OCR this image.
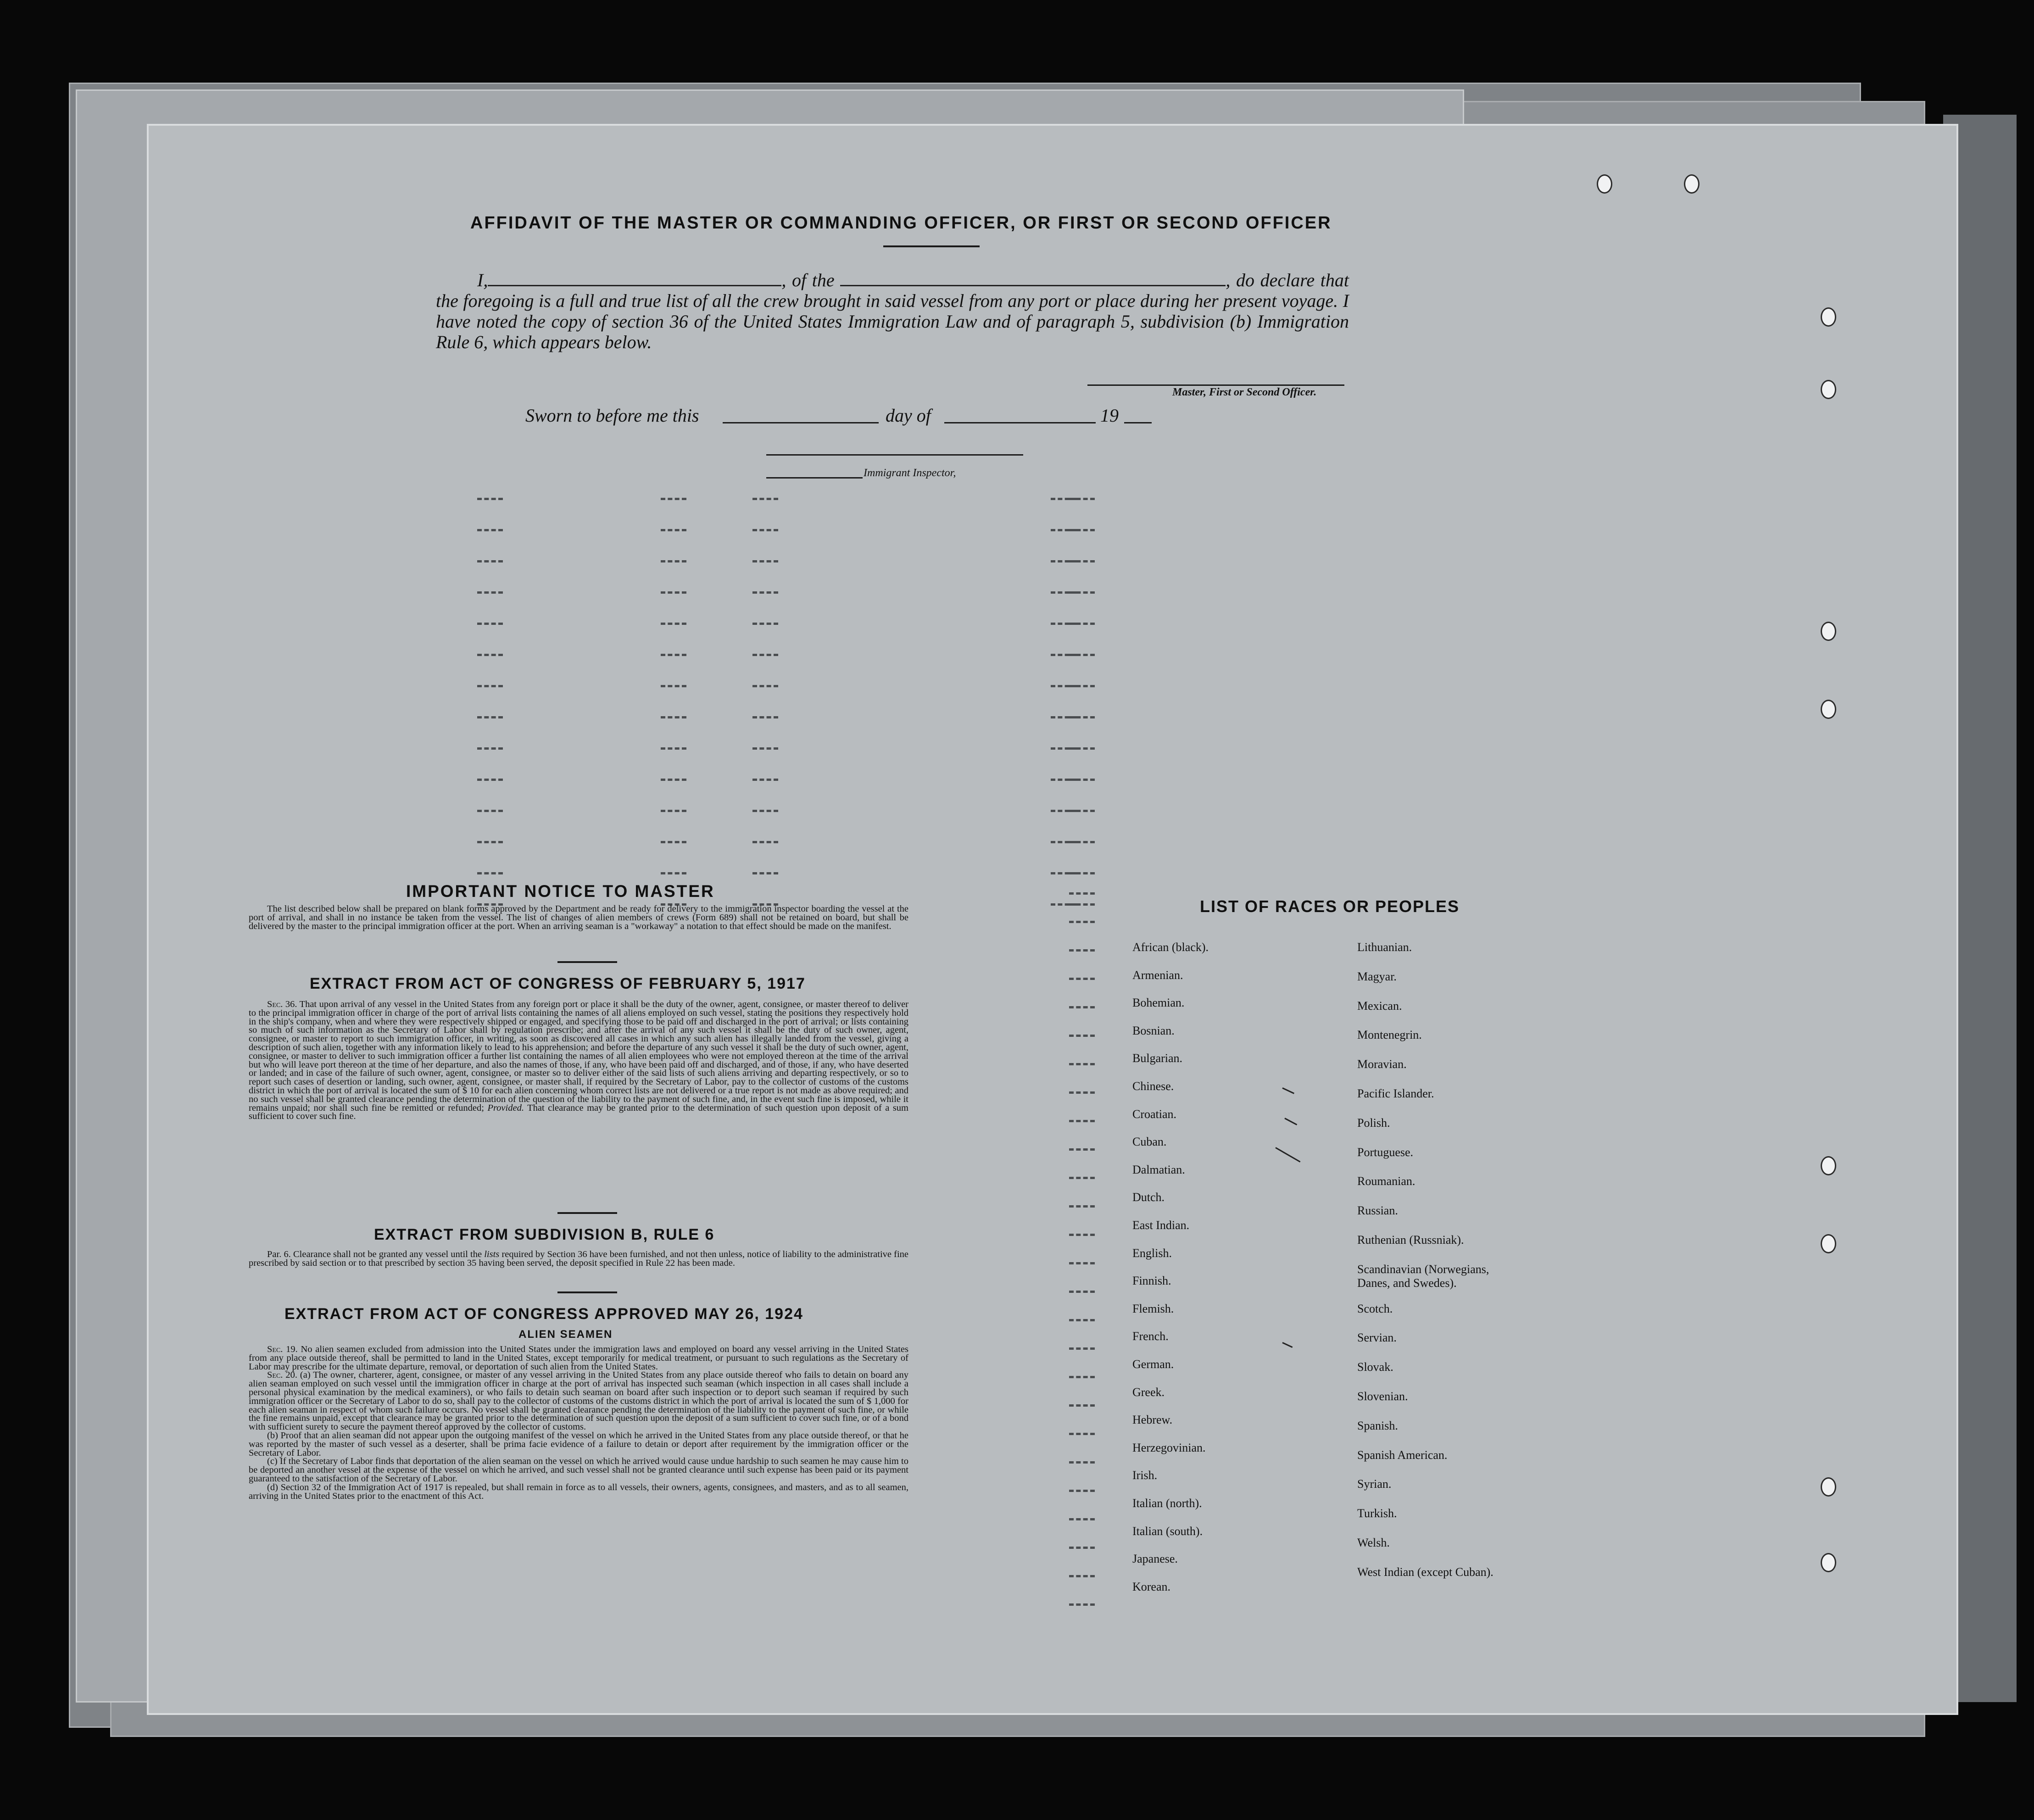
AFFIDAVIT OF THE MASTER OR COMMANDING OFFICER, OR FIRST OR SECOND OFFICER
I,	, of the	, do declare that the foregoing is a full and true list of all the crew brought in said vessel from any port or place during her present voyage. I have noted the copy of section 36 of the United States Immigration Law and of paragraph 5, subdivision (b) Immigration Rule 6, which appears below.
Master, First or Second Officer.
Sworn to before me this	day of	19
Immigrant Inspector,
IMPORTANT NOTICE TO MASTER

The list described below shall be prepared on blank forms approved by the Department and be ready for delivery to the immigration inspector boarding the vessel at the port of arrival, and shall in no instance be taken from the vessel. The list of changes of alien members of crews (Form 689) shall not be retained on board, but shall be delivered by the master to the principal immigration officer at the port. When an arriving seaman is a "workaway" a notation to that effect should be made on the manifest.

EXTRACT FROM ACT OF CONGRESS OF FEBRUARY 5, 1917

Sec. 36. That upon arrival of any vessel in the United States from any foreign port or place it shall be the duty of the owner, agent, consignee, or master thereof to deliver to the principal immigration officer in charge of the port of arrival lists containing the names of all aliens employed on such vessel, stating the positions they respectively hold in the ship's company, when and where they were respectively shipped or engaged, and specifying those to be paid off and discharged in the port of arrival; or lists containing so much of such information as the Secretary of Labor shall by regulation prescribe; and after the arrival of any such vessel it shall be the duty of such owner, agent, consignee, or master to report to such immigration officer, in writing, as soon as discovered all cases in which any such alien has illegally landed from the vessel, giving a description of such alien, together with any information likely to lead to his apprehension; and before the departure of any such vessel it shall be the duty of such owner, agent, consignee, or master to deliver to such immigration officer a further list containing the names of all alien employees who were not employed thereon at the time of the arrival but who will leave port thereon at the time of her departure, and also the names of those, if any, who have been paid off and discharged, and of those, if any, who have deserted or landed; and in case of the failure of such owner, agent, consignee, or master so to deliver either of the said lists of such aliens arriving and departing respectively, or so to report such cases of desertion or landing, such owner, agent, consignee, or master shall, if required by the Secretary of Labor, pay to the collector of customs of the customs district in which the port of arrival is located the sum of $ 10 for each alien concerning whom correct lists are not delivered or a true report is not made as above required; and no such vessel shall be granted clearance pending the determination of the question of the liability to the payment of such fine, and, in the event such fine is imposed, while it remains unpaid; nor shall such fine be remitted or refunded; Provided. That clearance may be granted prior to the determination of such question upon deposit of a sum sufficient to cover such fine.

EXTRACT FROM SUBDIVISION B, RULE 6

Par. 6. Clearance shall not be granted any vessel until the lists required by Section 36 have been furnished, and not then unless, notice of liability to the administrative fine prescribed by said section or to that prescribed by section 35 having been served, the deposit specified in Rule 22 has been made.

EXTRACT FROM ACT OF CONGRESS APPROVED MAY 26, 1924
ALIEN SEAMEN

Sec. 19. No alien seamen excluded from admission into the United States under the immigration laws and employed on board any vessel arriving in the United States from any place outside thereof, shall be permitted to land in the United States, except temporarily for medical treatment, or pursuant to such regulations as the Secretary of Labor may prescribe for the ultimate departure, removal, or deportation of such alien from the United States.

Sec. 20. (a) The owner, charterer, agent, consignee, or master of any vessel arriving in the United States from any place outside thereof who fails to detain on board any alien seaman employed on such vessel until the immigration officer in charge at the port of arrival has inspected such seaman (which inspection in all cases shall include a personal physical examination by the medical examiners), or who fails to detain such seaman on board after such inspection or to deport such seaman if required by such immigration officer or the Secretary of Labor to do so, shall pay to the collector of customs of the customs district in which the port of arrival is located the sum of $ 1,000 for each alien seaman in respect of whom such failure occurs. No vessel shall be granted clearance pending the determination of the liability to the payment of such fine, or while the fine remains unpaid, except that clearance may be granted prior to the determination of such question upon the deposit of a sum sufficient to cover such fine, or of a bond with sufficient surety to secure the payment thereof approved by the collector of customs.

(b) Proof that an alien seaman did not appear upon the outgoing manifest of the vessel on which he arrived in the United States from any place outside thereof, or that he was reported by the master of such vessel as a deserter, shall be prima facie evidence of a failure to detain or deport after requirement by the immigration officer or the Secretary of Labor.

(c) If the Secretary of Labor finds that deportation of the alien seaman on the vessel on which he arrived would cause undue hardship to such seamen he may cause him to be deported an another vessel at the expense of the vessel on which he arrived, and such vessel shall not be granted clearance until such expense has been paid or its payment guaranteed to the satisfaction of the Secretary of Labor.

(d) Section 32 of the Immigration Act of 1917 is repealed, but shall remain in force as to all vessels, their owners, agents, consignees, and masters, and as to all seamen, arriving in the United States prior to the enactment of this Act.

LIST OF RACES OR PEOPLES
African (black).
Armenian.
Bohemian.
Bosnian.
Bulgarian.
Chinese.
Croatian.
Cuban.
Dalmatian.
Dutch.
East Indian.
English.
Finnish.
Flemish.
French.
German.
Greek.
Hebrew.
Herzegovinian.
Irish.
Italian (north).
Italian (south).
Japanese.
Korean.
Lithuanian.
Magyar.
Mexican.
Montenegrin.
Moravian.
Pacific Islander.
Polish.
Portuguese.
Roumanian.
Russian.
Ruthenian (Russniak).
Scandinavian (Norwegians, Danes, and Swedes).
Scotch.
Servian.
Slovak.
Slovenian.
Spanish.
Spanish American.
Syrian.
Turkish.
Welsh.
West Indian (except Cuban).
